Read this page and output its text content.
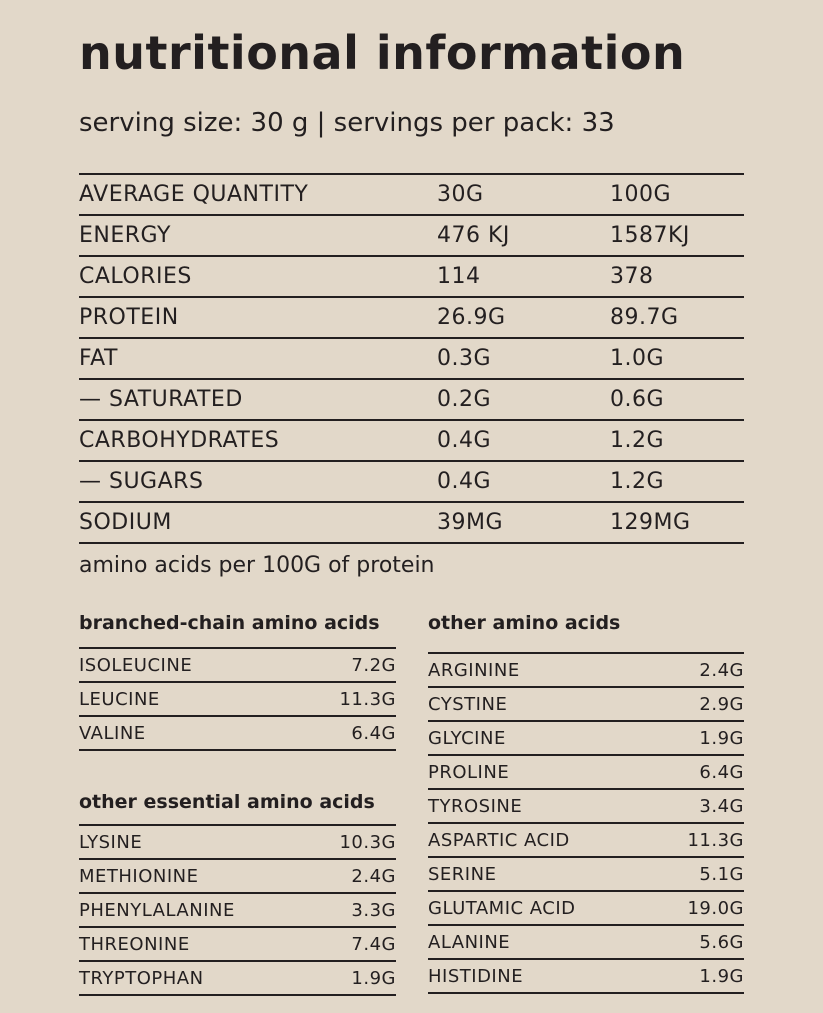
nutritional information
serving size: 30 g | servings per pack: 33
AVERAGE QUANTITY	30G	100G
ENERGY	476 KJ	1587KJ
CALORIES	114	378
PROTEIN	26.9G	89.7G
FAT	0.3G	1.0G
— SATURATED	0.2G	0.6G
CARBOHYDRATES	0.4G	1.2G
— SUGARS	0.4G	1.2G
SODIUM	39MG	129MG
amino acids per 100G of protein
branched-chain amino acids
ISOLEUCINE	7.2G
LEUCINE	11.3G
VALINE	6.4G
other essential amino acids
LYSINE	10.3G
METHIONINE	2.4G
PHENYLALANINE	3.3G
THREONINE	7.4G
TRYPTOPHAN	1.9G
other amino acids
ARGININE	2.4G
CYSTINE	2.9G
GLYCINE	1.9G
PROLINE	6.4G
TYROSINE	3.4G
ASPARTIC ACID	11.3G
SERINE	5.1G
GLUTAMIC ACID	19.0G
ALANINE	5.6G
HISTIDINE	1.9G
